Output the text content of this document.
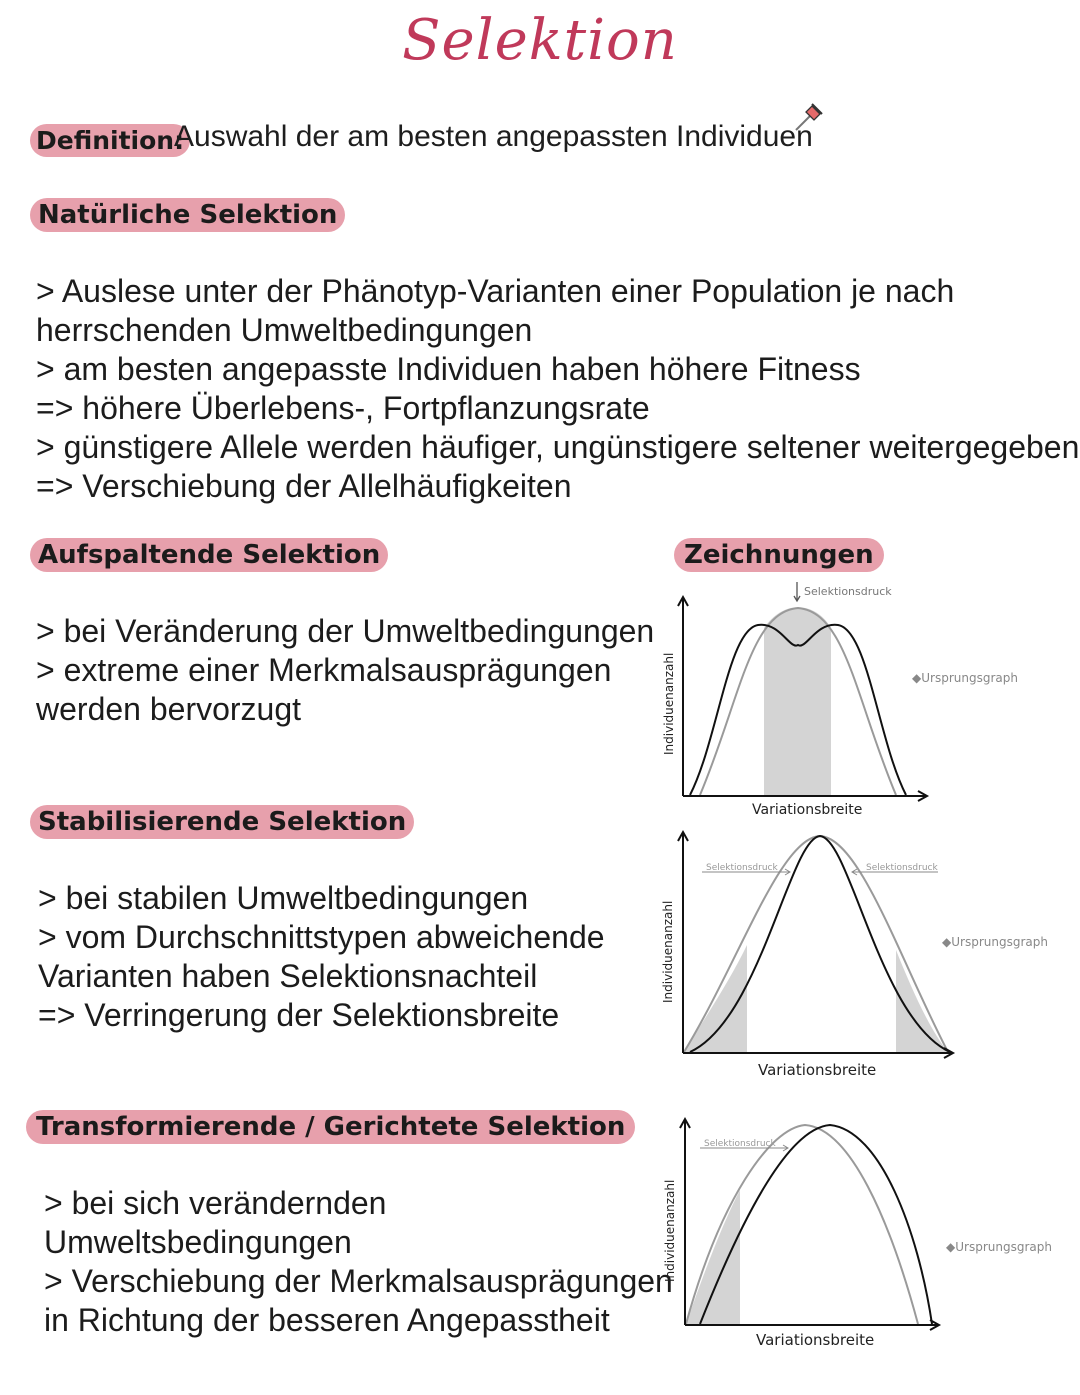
Selektion
Definition:
Auswahl der am besten angepassten Individuen
Natürliche Selektion
> Auslese unter der Phänotyp-Varianten einer Population je nach
herrschenden Umweltbedingungen
> am besten angepasste Individuen haben höhere Fitness
=> höhere Überlebens-, Fortpflanzungsrate
> günstigere Allele werden häufiger, ungünstigere seltener weitergegeben
=> Verschiebung der Allelhäufigkeiten
Aufspaltende Selektion
> bei Veränderung der Umweltbedingungen
> extreme einer Merkmalsausprägungen
werden bervorzugt
Zeichnungen
Stabilisierende Selektion
> bei stabilen Umweltbedingungen
> vom Durchschnittstypen abweichende
Varianten haben Selektionsnachteil
=> Verringerung der Selektionsbreite
Transformierende / Gerichtete Selektion
> bei sich verändernden
Umweltsbedingungen
> Verschiebung der Merkmalsausprägungen
in Richtung der besseren Angepasstheit
Selektionsdruck
Individuenanzahl
Variationsbreite
◆Ursprungsgraph
Selektionsdruck	Selektionsdruck
Individuenanzahl
Variationsbreite
◆Ursprungsgraph
Selektionsdruck
Individuenanzahl
Variationsbreite
◆Ursprungsgraph
